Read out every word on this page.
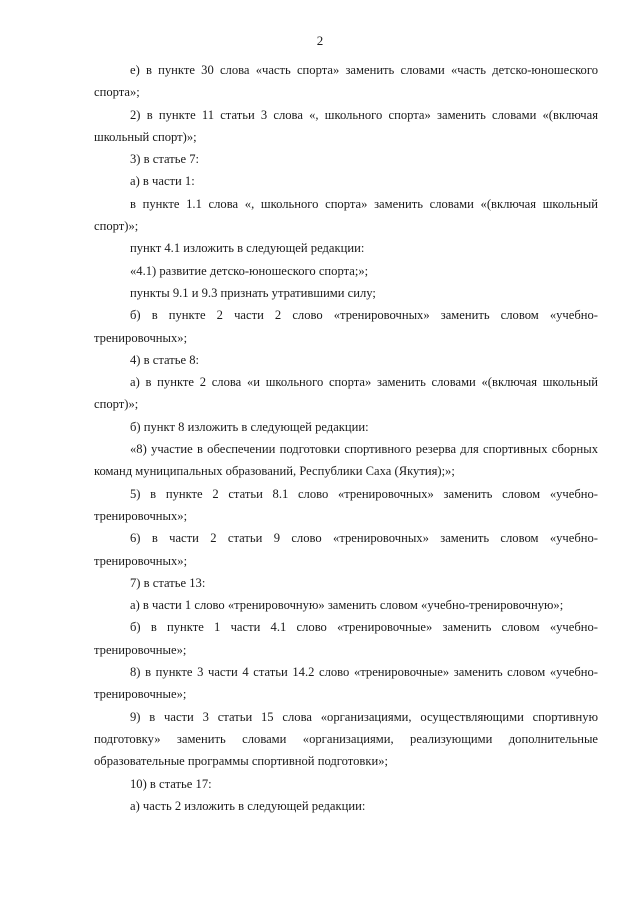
2

е) в пункте 30 слова «часть спорта» заменить словами «часть детско-юношеского спорта»;

2) в пункте 11 статьи 3 слова «, школьного спорта» заменить словами «(включая школьный спорт)»;

3) в статье 7:

а) в части 1:

в пункте 1.1 слова «, школьного спорта» заменить словами «(включая школьный спорт)»;

пункт 4.1 изложить в следующей редакции:

«4.1) развитие детско-юношеского спорта;»;

пункты 9.1 и 9.3 признать утратившими силу;

б) в пункте 2 части 2 слово «тренировочных» заменить словом «учебно-тренировочных»;

4) в статье 8:

а) в пункте 2 слова «и школьного спорта» заменить словами «(включая школьный спорт)»;

б) пункт 8 изложить в следующей редакции:

«8) участие в обеспечении подготовки спортивного резерва для спортивных сборных команд муниципальных образований, Республики Саха (Якутия);»;

5) в пункте 2 статьи 8.1 слово «тренировочных» заменить словом «учебно-тренировочных»;

6) в части 2 статьи 9 слово «тренировочных» заменить словом «учебно-тренировочных»;

7) в статье 13:

а) в части 1 слово «тренировочную» заменить словом «учебно-тренировочную»;

б) в пункте 1 части 4.1 слово «тренировочные» заменить словом «учебно-тренировочные»;

8) в пункте 3 части 4 статьи 14.2 слово «тренировочные» заменить словом «учебно-тренировочные»;

9) в части 3 статьи 15 слова «организациями, осуществляющими спортивную подготовку» заменить словами «организациями, реализующими дополнительные образовательные программы спортивной подготовки»;

10) в статье 17:

а) часть 2 изложить в следующей редакции:
